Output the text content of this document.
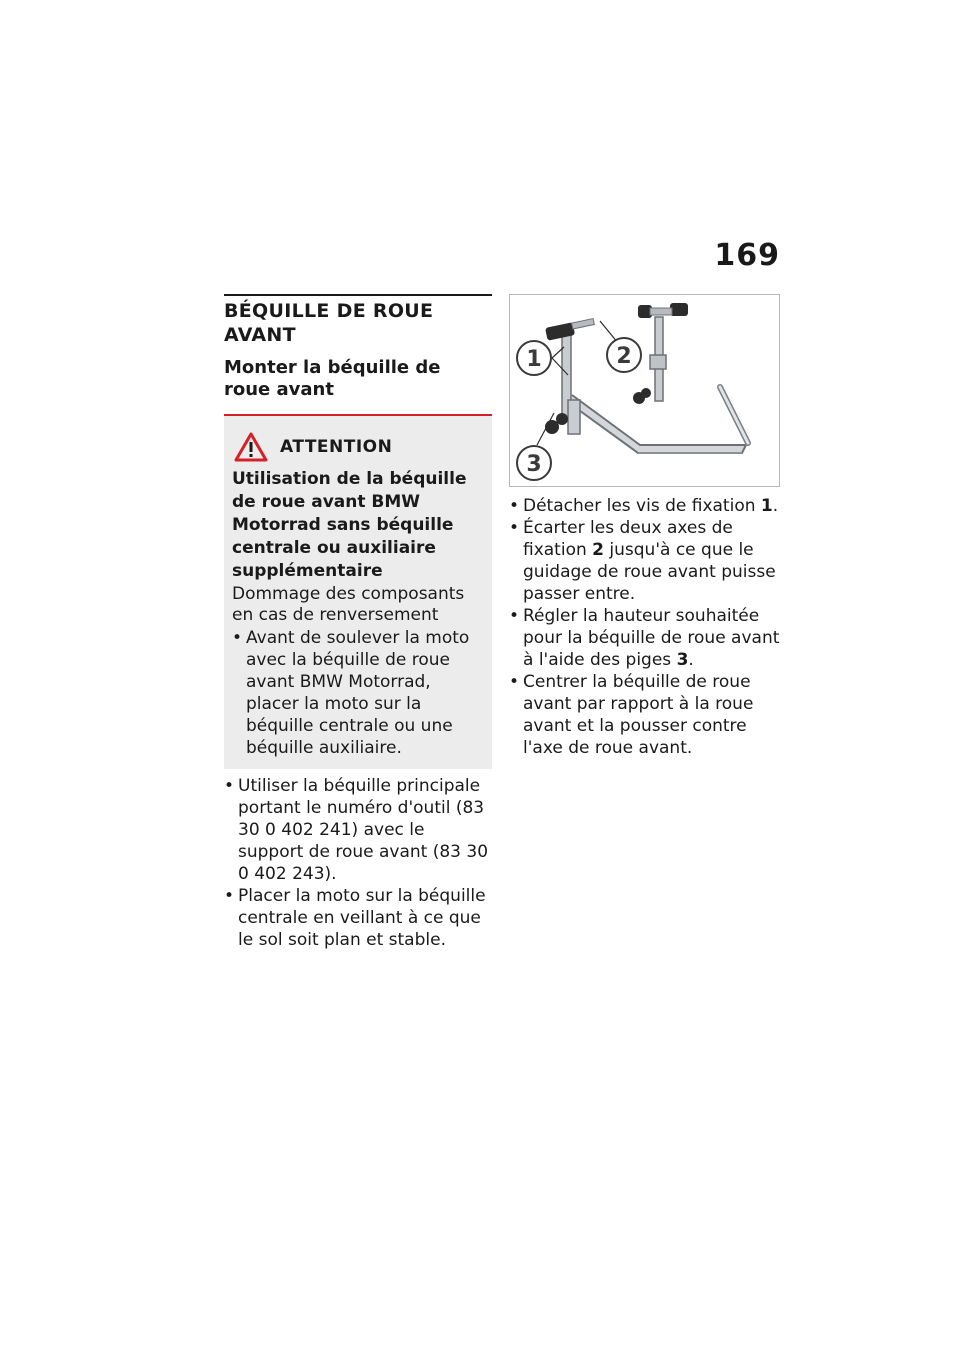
169
BÉQUILLE DE ROUE AVANT
Monter la béquille de roue avant
ATTENTION
Utilisation de la béquille de roue avant BMW Motorrad sans béquille centrale ou auxiliaire supplémentaire
Dommage des composants en cas de renversement
• Avant de soulever la moto avec la béquille de roue avant BMW Motorrad, placer la moto sur la béquille centrale ou une béquille auxiliaire.
• Utiliser la béquille principale portant le numéro d'outil (83 30 0 402 241) avec le support de roue avant (83 30 0 402 243).
• Placer la moto sur la béquille centrale en veillant à ce que le sol soit plan et stable.
1	2
3
• Détacher les vis de fixation 1.
• Écarter les deux axes de fixation 2 jusqu'à ce que le guidage de roue avant puisse passer entre.
• Régler la hauteur souhaitée pour la béquille de roue avant à l'aide des piges 3.
• Centrer la béquille de roue avant par rapport à la roue avant et la pousser contre l'axe de roue avant.
